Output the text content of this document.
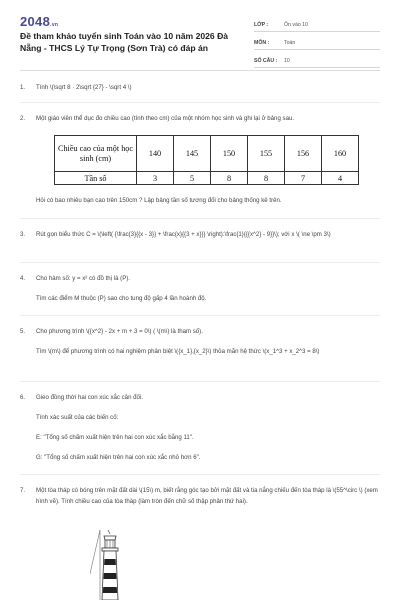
2048.vn
Đề tham khảo tuyển sinh Toán vào 10 năm 2026 Đà Nẵng - THCS Lý Tự Trọng (Sơn Trà) có đáp án
LỚP :	Ôn vào 10
MÔN :	Toán
SỐ CÂU :	10
1. Tính \(\sqrt 8 · 2\sqrt {27} - \sqrt 4 \)

2. Một giáo viên thể dục đo chiều cao (tính theo cm) của một nhóm học sinh và ghi lại ở bảng sau.

Chiều cao của một học sinh (cm)	140	145	150	155	156	160
Tần số	3	5	8	8	7	4

Hỏi có bao nhiêu bạn cao trên 150cm ? Lập bảng tần số tương đối cho bảng thống kê trên.

3. Rút gọn biểu thức C = \(\left( {\frac{3}{{x - 3}} + \frac{x}{{3 + x}}} \right):\frac{1}{{{x^2} - 9}}\); với x \( \ne \pm 3\)

4. Cho hàm số: y = x² có đồ thị là (P).

Tìm các điểm M thuộc (P) sao cho tung độ gấp 4 lần hoành độ.

5. Cho phương trình \({x^2} - 2x + m + 3 = 0\) ( \(m\) là tham số).

Tìm \(m\) để phương trình có hai nghiệm phân biệt \({x_1},{x_2}\) thỏa mãn hệ thức \(x_1^3 + x_2^3 = 8\)

6. Gieo đồng thời hai con xúc xắc cân đối.

Tính xác suất của các biến cố:

E: "Tổng số chấm xuất hiện trên hai con xúc xắc bằng 11".

G: "Tổng số chấm xuất hiện trên hai con xúc xắc nhỏ hơn 6".

7. Một tòa tháp có bóng trên mặt đất dài \(15\) m, biết rằng góc tạo bởi mặt đất và tia nắng chiếu đến tòa tháp là \(55^\circ \) (xem hình vẽ). Tính chiều cao của tòa tháp (làm tròn đến chữ số thập phân thứ hai).
